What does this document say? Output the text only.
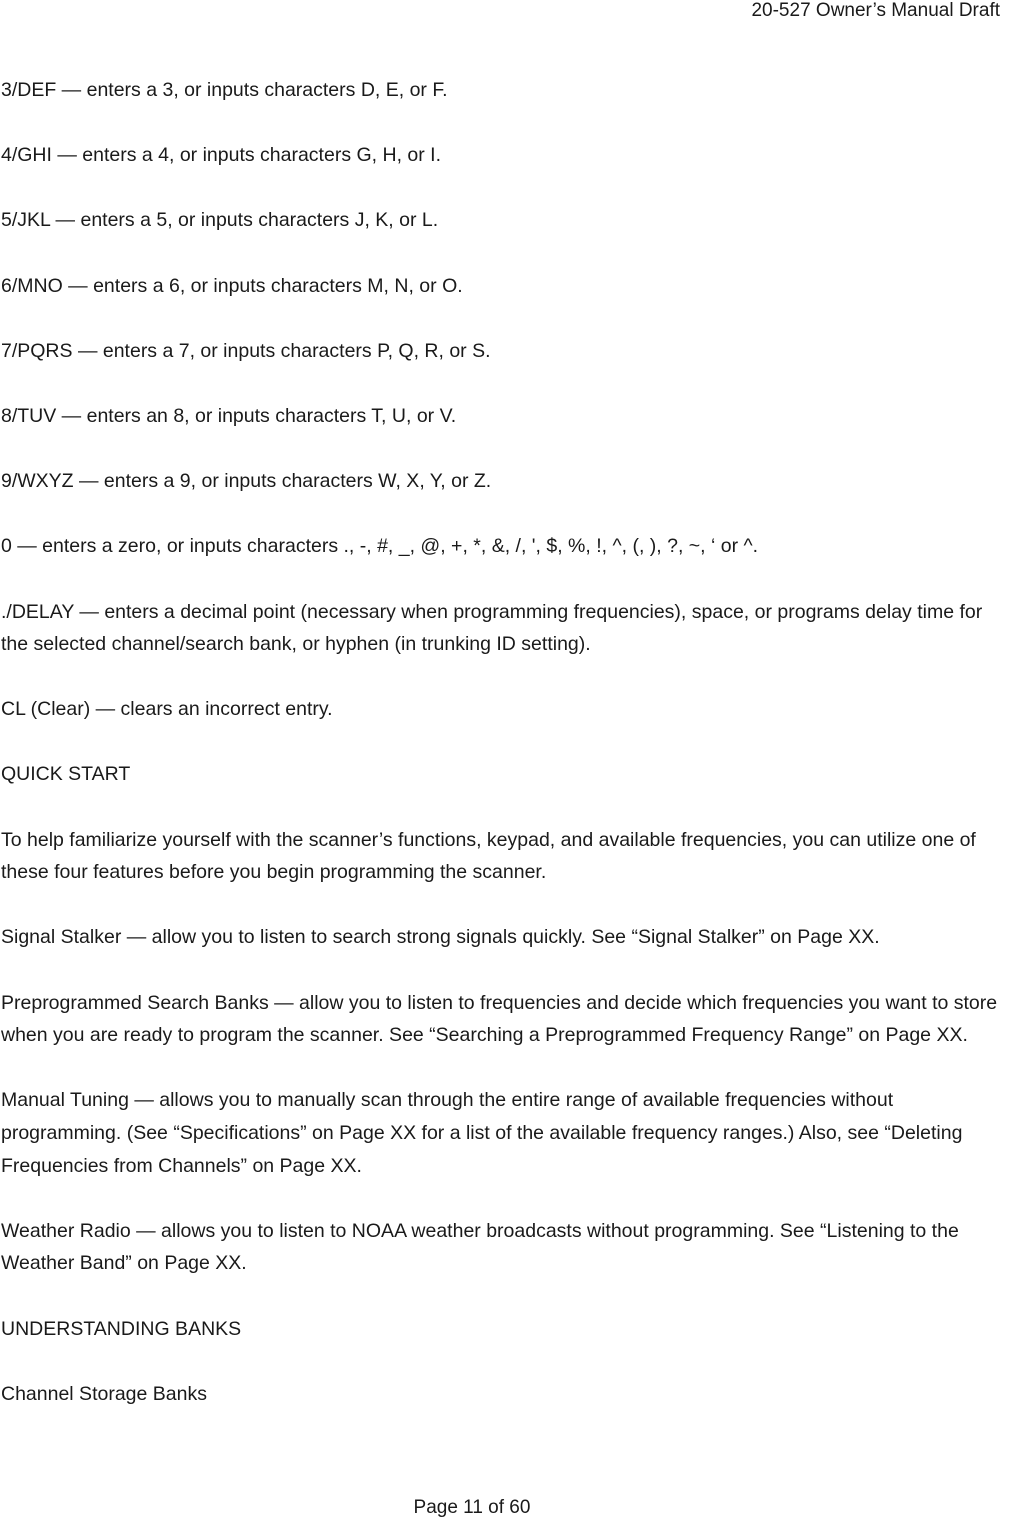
20-527 Owner’s Manual Draft

3/DEF — enters a 3, or inputs characters D, E, or F.

4/GHI — enters a 4, or inputs characters G, H, or I.

5/JKL — enters a 5, or inputs characters J, K, or L.

6/MNO — enters a 6, or inputs characters M, N, or O.

7/PQRS — enters a 7, or inputs characters P, Q, R, or S.

8/TUV — enters an 8, or inputs characters T, U, or V.

9/WXYZ — enters a 9, or inputs characters W, X, Y, or Z.

0 — enters a zero, or inputs characters ., -, #, _, @, +, *, &, /, ', $, %, !, ^, (, ), ?, ~, ‘ or ^.

./DELAY — enters a decimal point (necessary when programming frequencies), space, or programs delay time for the selected channel/search bank, or hyphen (in trunking ID setting).

CL (Clear) — clears an incorrect entry.

QUICK START

To help familiarize yourself with the scanner’s functions, keypad, and available frequencies, you can utilize one of these four features before you begin programming the scanner.

Signal Stalker — allow you to listen to search strong signals quickly. See “Signal Stalker” on Page XX.

Preprogrammed Search Banks — allow you to listen to frequencies and decide which frequencies you want to store when you are ready to program the scanner. See “Searching a Preprogrammed Frequency Range” on Page XX.

Manual Tuning — allows you to manually scan through the entire range of available frequencies without programming. (See “Specifications” on Page XX for a list of the available frequency ranges.) Also, see “Deleting Frequencies from Channels” on Page XX.

Weather Radio — allows you to listen to NOAA weather broadcasts without programming. See “Listening to the Weather Band” on Page XX.

UNDERSTANDING BANKS

Channel Storage Banks

Page 11 of 60
